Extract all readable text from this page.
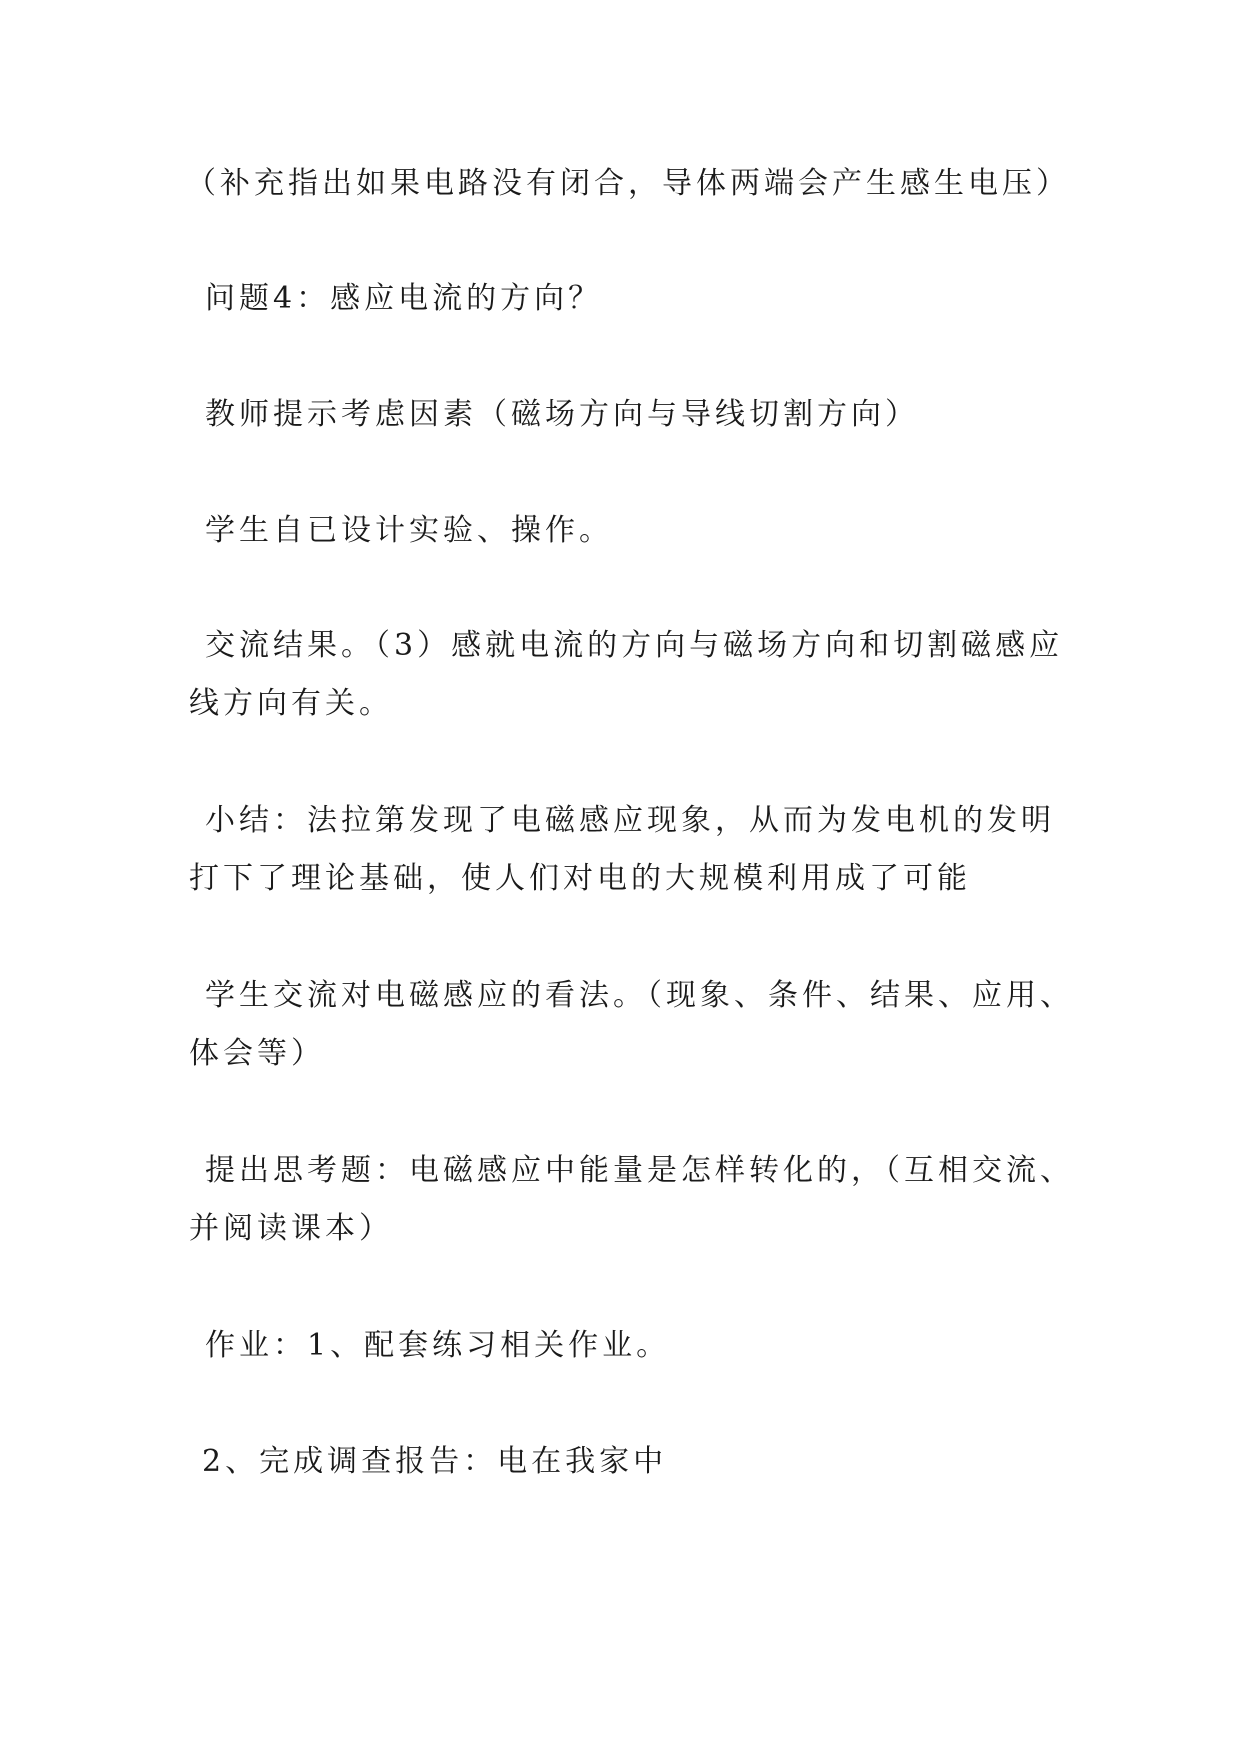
（补充指出如果电路没有闭合，导体两端会产生感生电压）

问题4：感应电流的方向？

教师提示考虑因素（磁场方向与导线切割方向）

学生自已设计实验、操作。

交流结果。（3）感就电流的方向与磁场方向和切割磁感应
线方向有关。

小结：法拉第发现了电磁感应现象，从而为发电机的发明
打下了理论基础，使人们对电的大规模利用成了可能

学生交流对电磁感应的看法。（现象、条件、结果、应用、
体会等）

提出思考题：电磁感应中能量是怎样转化的，（互相交流、
并阅读课本）

作业：1、配套练习相关作业。

2、完成调查报告：电在我家中
